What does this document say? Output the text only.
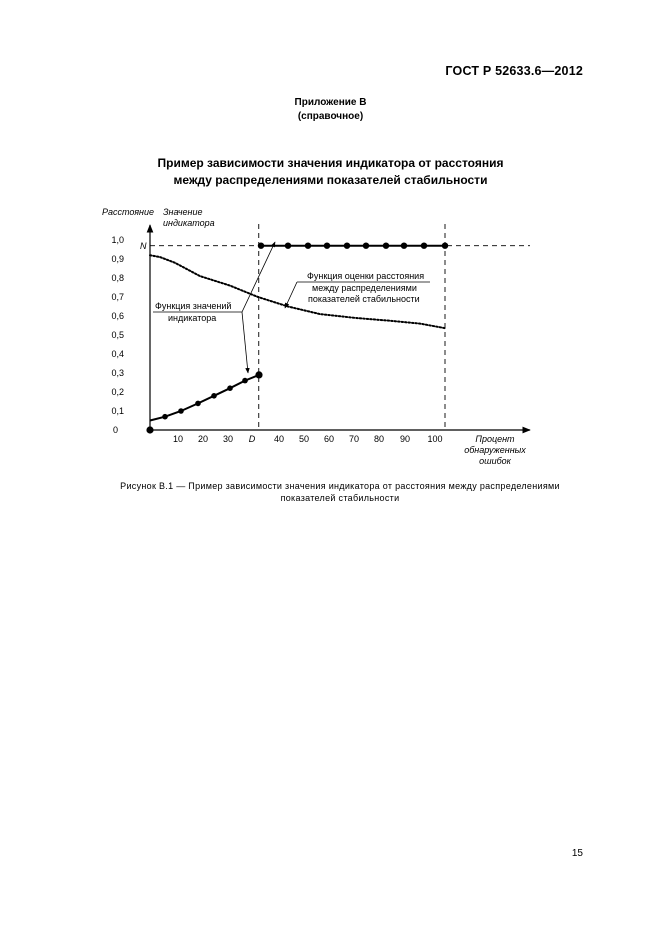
ГОСТ Р 52633.6—2012
Приложение В
(справочное)
Пример зависимости значения индикатора от расстояния
между распределениями показателей стабильности
1,0
0,9
0,8
0,7
0,6
0,5
0,4
0,3
0,2
0,1
0
10 20 30 D 40 50 60 70 80 90 100
Расстояние Значение
индикатора
Процент
обнаруженных
ошибок
N
Функция значений
индикатора
Функция оценки расстояния
между распределениями
показателей стабильности
Рисунок В.1 — Пример зависимости значения индикатора от расстояния между распределениями
показателей стабильности
15
